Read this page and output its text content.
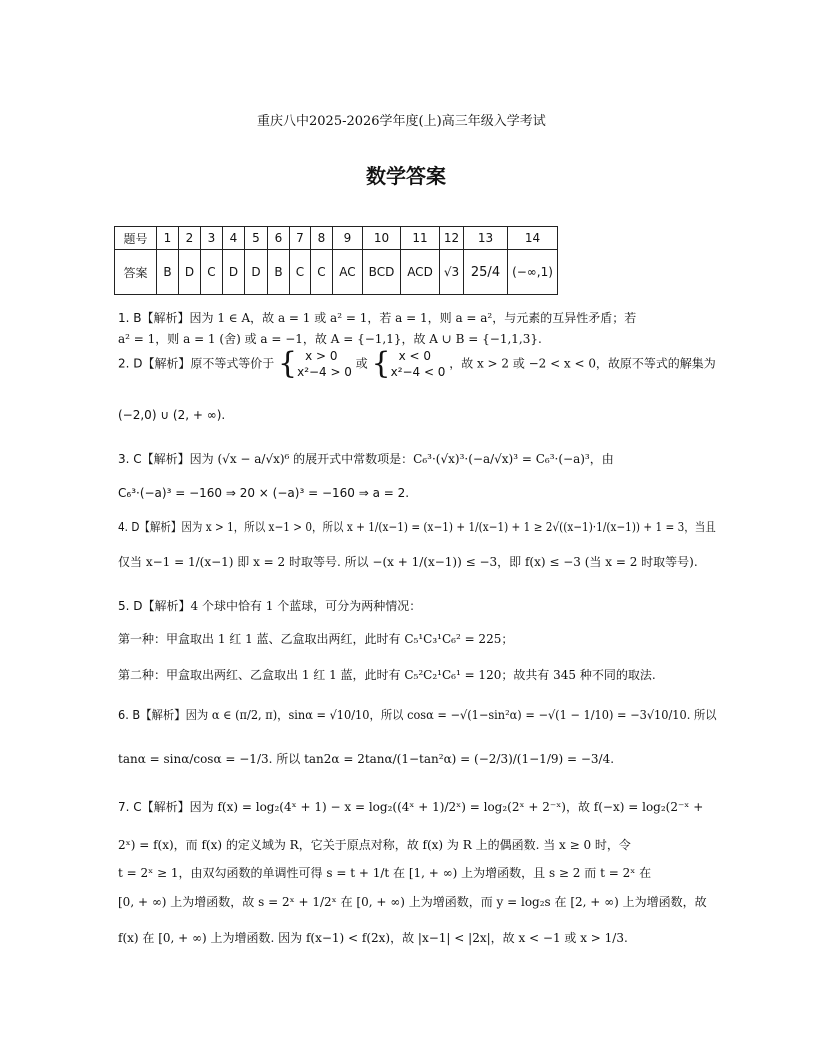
重庆八中2025-2026学年度(上)高三年级入学考试
数学答案
题号	1	2	3	4	5	6	7	8	9	10	11	12	13	14
答案	B	D	C	D	D	B	C	C	AC	BCD	ACD	√3	25/4	(−∞,1)
1. B【解析】因为 1 ∈ A，故 a = 1 或 a² = 1，若 a = 1，则 a = a²，与元素的互异性矛盾；若
a² = 1，则 a = 1 (舍) 或 a = −1，故 A = {−1,1}，故 A ∪ B = {−1,1,3}.
2. D【解析】原不等式等价于 { x > 0
x²−4 > 0
或 { x < 0
x²−4 < 0
，故 x > 2 或 −2 < x < 0，故原不等式的解集为
(−2,0) ∪ (2, + ∞).
3. C【解析】因为 (√x − a/√x)⁶ 的展开式中常数项是：C₆³·(√x)³·(−a/√x)³ = C₆³·(−a)³，由
C₆³·(−a)³ = −160 ⇒ 20 × (−a)³ = −160 ⇒ a = 2.
4. D【解析】因为 x > 1，所以 x−1 > 0，所以 x + 1/(x−1) = (x−1) + 1/(x−1) + 1 ≥ 2√((x−1)·1/(x−1)) + 1 = 3，当且
仅当 x−1 = 1/(x−1) 即 x = 2 时取等号. 所以 −(x + 1/(x−1)) ≤ −3，即 f(x) ≤ −3 (当 x = 2 时取等号).
5. D【解析】4 个球中恰有 1 个蓝球，可分为两种情况：
第一种：甲盒取出 1 红 1 蓝、乙盒取出两红，此时有 C₅¹C₃¹C₆² = 225；
第二种：甲盒取出两红、乙盒取出 1 红 1 蓝，此时有 C₅²C₂¹C₆¹ = 120；故共有 345 种不同的取法.
6. B【解析】因为 α ∈ (π/2, π)，sinα = √10/10，所以 cosα = −√(1−sin²α) = −√(1 − 1/10) = −3√10/10. 所以
tanα = sinα/cosα = −1/3. 所以 tan2α = 2tanα/(1−tan²α) = (−2/3)/(1−1/9) = −3/4.
7. C【解析】因为 f(x) = log₂(4ˣ + 1) − x = log₂((4ˣ + 1)/2ˣ) = log₂(2ˣ + 2⁻ˣ)，故 f(−x) = log₂(2⁻ˣ +
2ˣ) = f(x)，而 f(x) 的定义域为 R，它关于原点对称，故 f(x) 为 R 上的偶函数. 当 x ≥ 0 时，令
t = 2ˣ ≥ 1，由双勾函数的单调性可得 s = t + 1/t 在 [1, + ∞) 上为增函数，且 s ≥ 2 而 t = 2ˣ 在
[0, + ∞) 上为增函数，故 s = 2ˣ + 1/2ˣ 在 [0, + ∞) 上为增函数，而 y = log₂s 在 [2, + ∞) 上为增函数，故
f(x) 在 [0, + ∞) 上为增函数. 因为 f(x−1) < f(2x)，故 |x−1| < |2x|，故 x < −1 或 x > 1/3.
